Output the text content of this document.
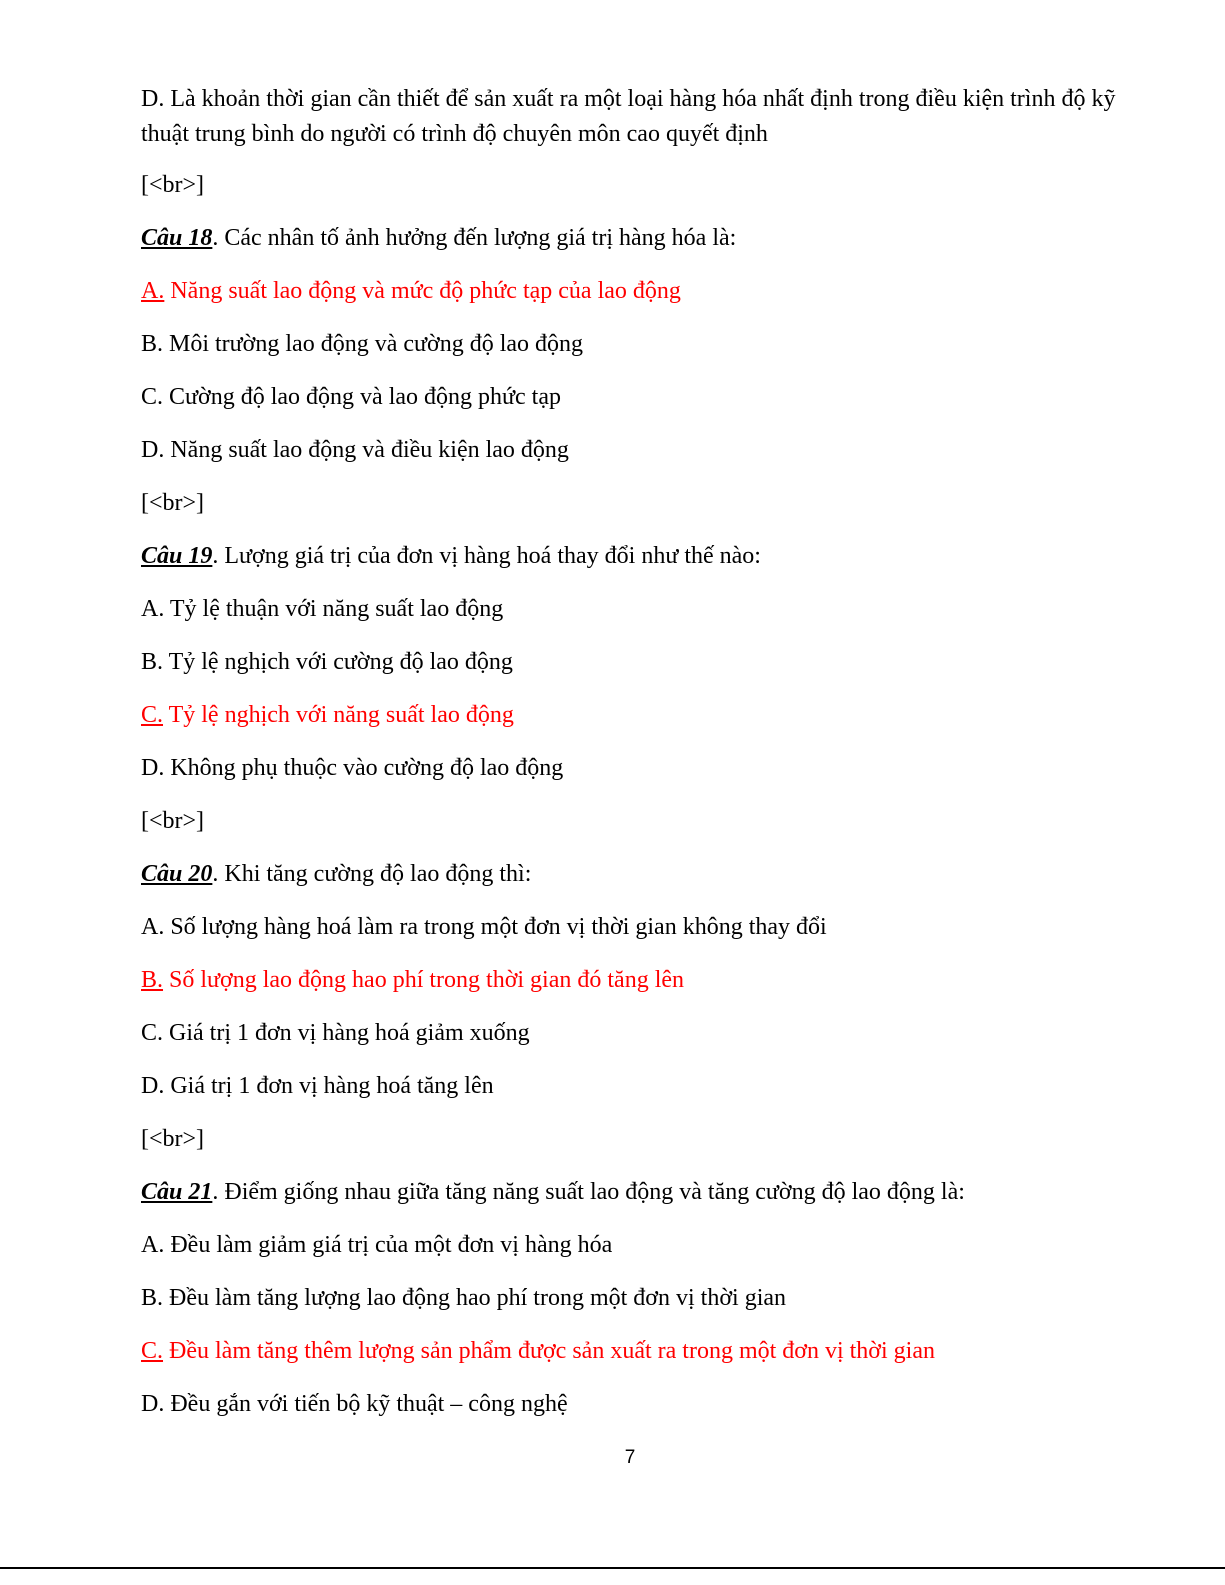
D. Là khoản thời gian cần thiết để sản xuất ra một loại hàng hóa nhất định trong điều kiện trình độ kỹ thuật trung bình do người có trình độ chuyên môn cao quyết định
[<br>]
Câu 18. Các nhân tố ảnh hưởng đến lượng giá trị hàng hóa là:
A. Năng suất lao động và mức độ phức tạp của lao động
B. Môi trường lao động và cường độ lao động
C. Cường độ lao động và lao động phức tạp
D. Năng suất lao động và điều kiện lao động
[<br>]
Câu 19. Lượng giá trị của đơn vị hàng hoá thay đổi như thế nào:
A. Tỷ lệ thuận với năng suất lao động
B. Tỷ lệ nghịch với cường độ lao động
C. Tỷ lệ nghịch với năng suất lao động
D. Không phụ thuộc vào cường độ lao động
[<br>]
Câu 20. Khi tăng cường độ lao động thì:
A. Số lượng hàng hoá làm ra trong một đơn vị thời gian không thay đổi
B. Số lượng lao động hao phí trong thời gian đó tăng lên
C. Giá trị 1 đơn vị hàng hoá giảm xuống
D. Giá trị 1 đơn vị hàng hoá tăng lên
[<br>]
Câu 21. Điểm giống nhau giữa tăng năng suất lao động và tăng cường độ lao động là:
A. Đều làm giảm giá trị của một đơn vị hàng hóa
B. Đều làm tăng lượng lao động hao phí trong một đơn vị thời gian
C. Đều làm tăng thêm lượng sản phẩm được sản xuất ra trong một đơn vị thời gian
D. Đều gắn với tiến bộ kỹ thuật – công nghệ
7
